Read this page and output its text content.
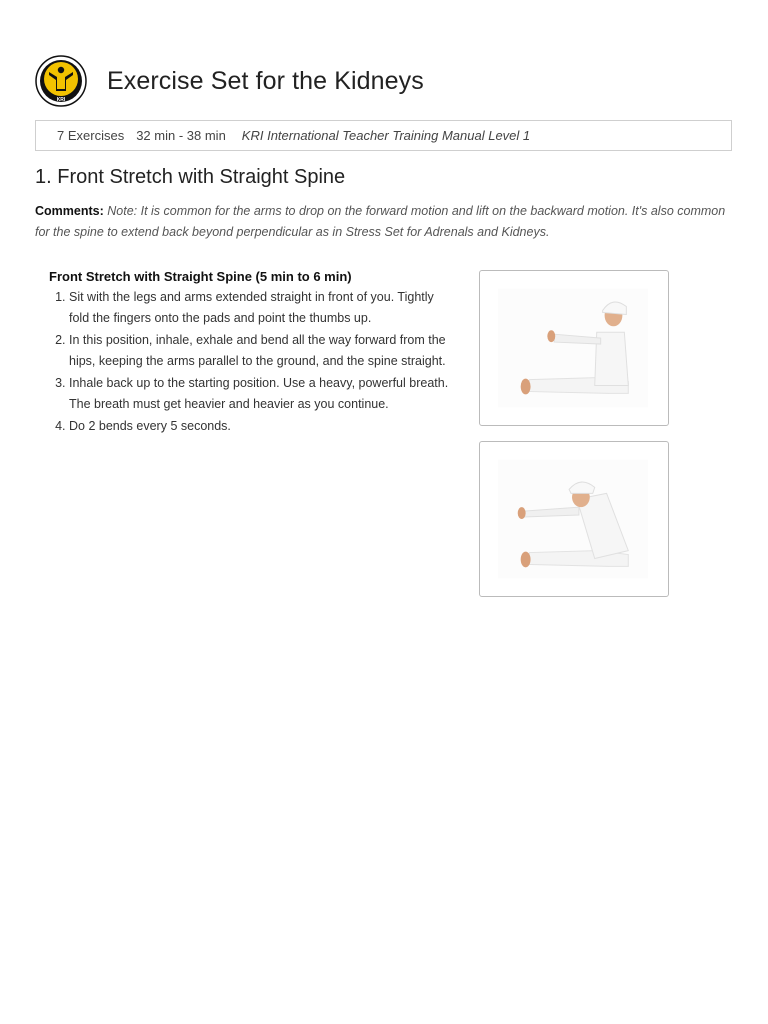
KRI
Exercise Set for the Kidneys
7 Exercises 32 min - 38 min KRI International Teacher Training Manual Level 1
1. Front Stretch with Straight Spine

Comments: Note: It is common for the arms to drop on the forward motion and lift on the backward motion. It's also common for the spine to extend back beyond perpendicular as in Stress Set for Adrenals and Kidneys.

Front Stretch with Straight Spine (5 min to 6 min)

1. Sit with the legs and arms extended straight in front of you. Tightly fold the fingers onto the pads and point the thumbs up.
2. In this position, inhale, exhale and bend all the way forward from the hips, keeping the arms parallel to the ground, and the spine straight.
3. Inhale back up to the starting position. Use a heavy, powerful breath. The breath must get heavier and heavier as you continue.
4. Do 2 bends every 5 seconds.
